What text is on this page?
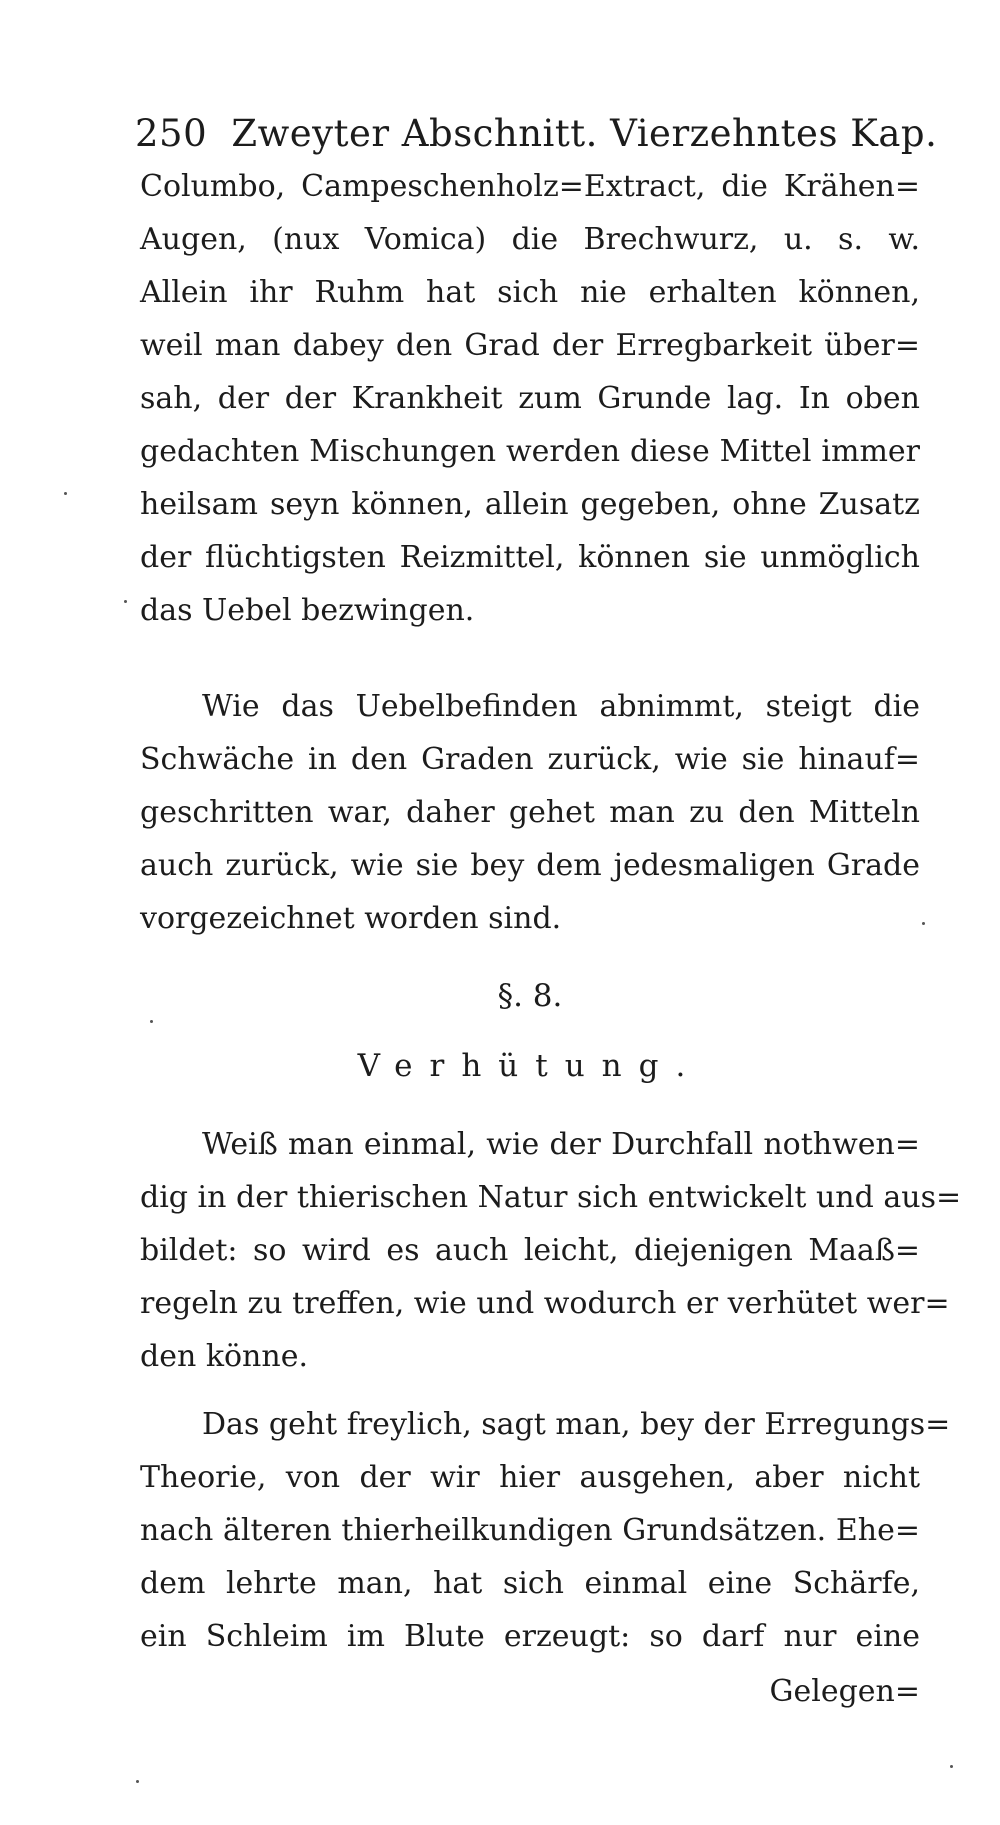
250 Zweyter Abschnitt. Vierzehntes Kap.
Columbo, Campeschenholz=Extract, die Krähen=
Augen, (nux Vomica) die Brechwurz, u. s. w.
Allein ihr Ruhm hat sich nie erhalten können,
weil man dabey den Grad der Erregbarkeit über=
sah, der der Krankheit zum Grunde lag. In oben
gedachten Mischungen werden diese Mittel immer
heilsam seyn können, allein gegeben, ohne Zusatz
der flüchtigsten Reizmittel, können sie unmöglich
das Uebel bezwingen.
Wie das Uebelbefinden abnimmt, steigt die
Schwäche in den Graden zurück, wie sie hinauf=
geschritten war, daher gehet man zu den Mitteln
auch zurück, wie sie bey dem jedesmaligen Grade
vorgezeichnet worden sind.
§. 8.
Verhütung.
Weiß man einmal, wie der Durchfall nothwen=
dig in der thierischen Natur sich entwickelt und aus=
bildet: so wird es auch leicht, diejenigen Maaß=
regeln zu treffen, wie und wodurch er verhütet wer=
den könne.
Das geht freylich, sagt man, bey der Erregungs=
Theorie, von der wir hier ausgehen, aber nicht
nach älteren thierheilkundigen Grundsätzen. Ehe=
dem lehrte man, hat sich einmal eine Schärfe,
ein Schleim im Blute erzeugt: so darf nur eine
Gelegen=
